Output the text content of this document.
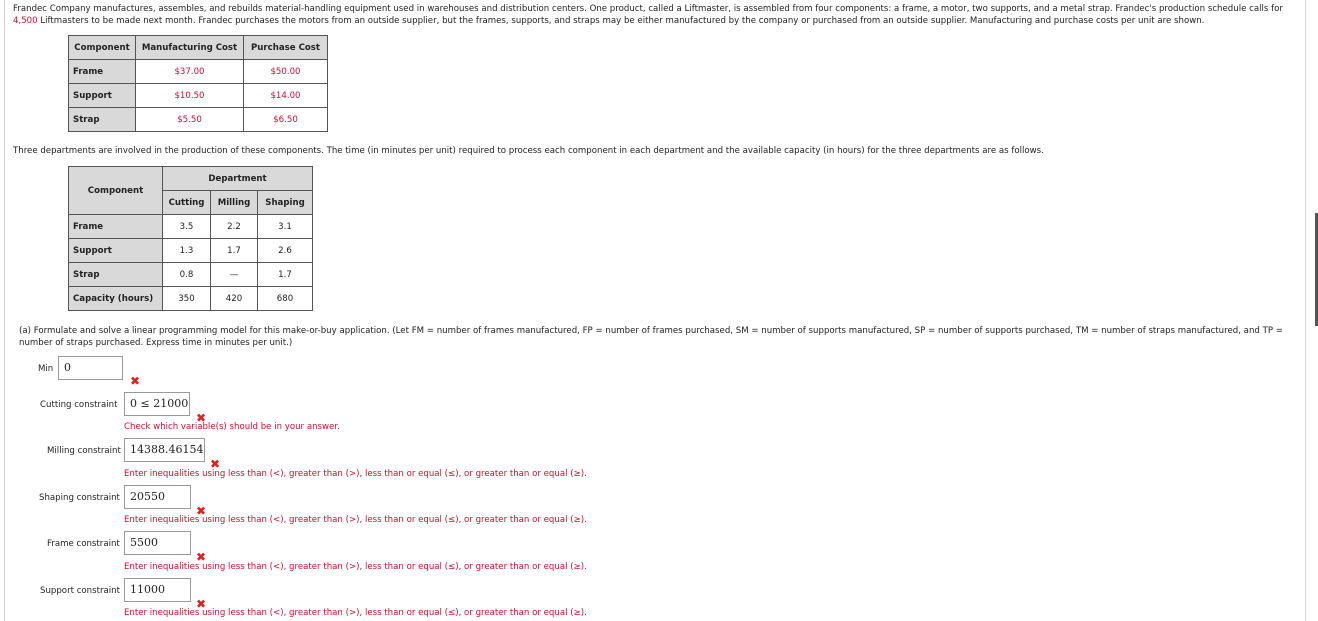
Frandec Company manufactures, assembles, and rebuilds material-handling equipment used in warehouses and distribution centers. One product, called a Liftmaster, is assembled from four components: a frame, a motor, two supports, and a metal strap. Frandec's production schedule calls for 4,500 Liftmasters to be made next month. Frandec purchases the motors from an outside supplier, but the frames, supports, and straps may be either manufactured by the company or purchased from an outside supplier. Manufacturing and purchase costs per unit are shown.
Component	Manufacturing Cost	Purchase Cost
Frame	$37.00	$50.00
Support	$10.50	$14.00
Strap	$5.50	$6.50
Three departments are involved in the production of these components. The time (in minutes per unit) required to process each component in each department and the available capacity (in hours) for the three departments are as follows.
Component	Department		
	Cutting	Milling	Shaping
Frame	3.5	2.2	3.1
Support	1.3	1.7	2.6
Strap	0.8	—	1.7
Capacity (hours)	350	420	680
(a) Formulate and solve a linear programming model for this make-or-buy application. (Let FM = number of frames manufactured, FP = number of frames purchased, SM = number of supports manufactured, SP = number of supports purchased, TM = number of straps manufactured, and TP = number of straps purchased. Express time in minutes per unit.)
Min 0
✖
Cutting constraint	0 ≤ 21000
✖
Check which variable(s) should be in your answer.
Milling constraint 14388.46154
✖
Enter inequalities using less than (<), greater than (>), less than or equal (≤), or greater than or equal (≥).
Shaping constraint 20550
✖
Enter inequalities using less than (<), greater than (>), less than or equal (≤), or greater than or equal (≥).
Frame constraint 5500
✖
Enter inequalities using less than (<), greater than (>), less than or equal (≤), or greater than or equal (≥).
Support constraint 11000
✖
Enter inequalities using less than (<), greater than (>), less than or equal (≤), or greater than or equal (≥).
